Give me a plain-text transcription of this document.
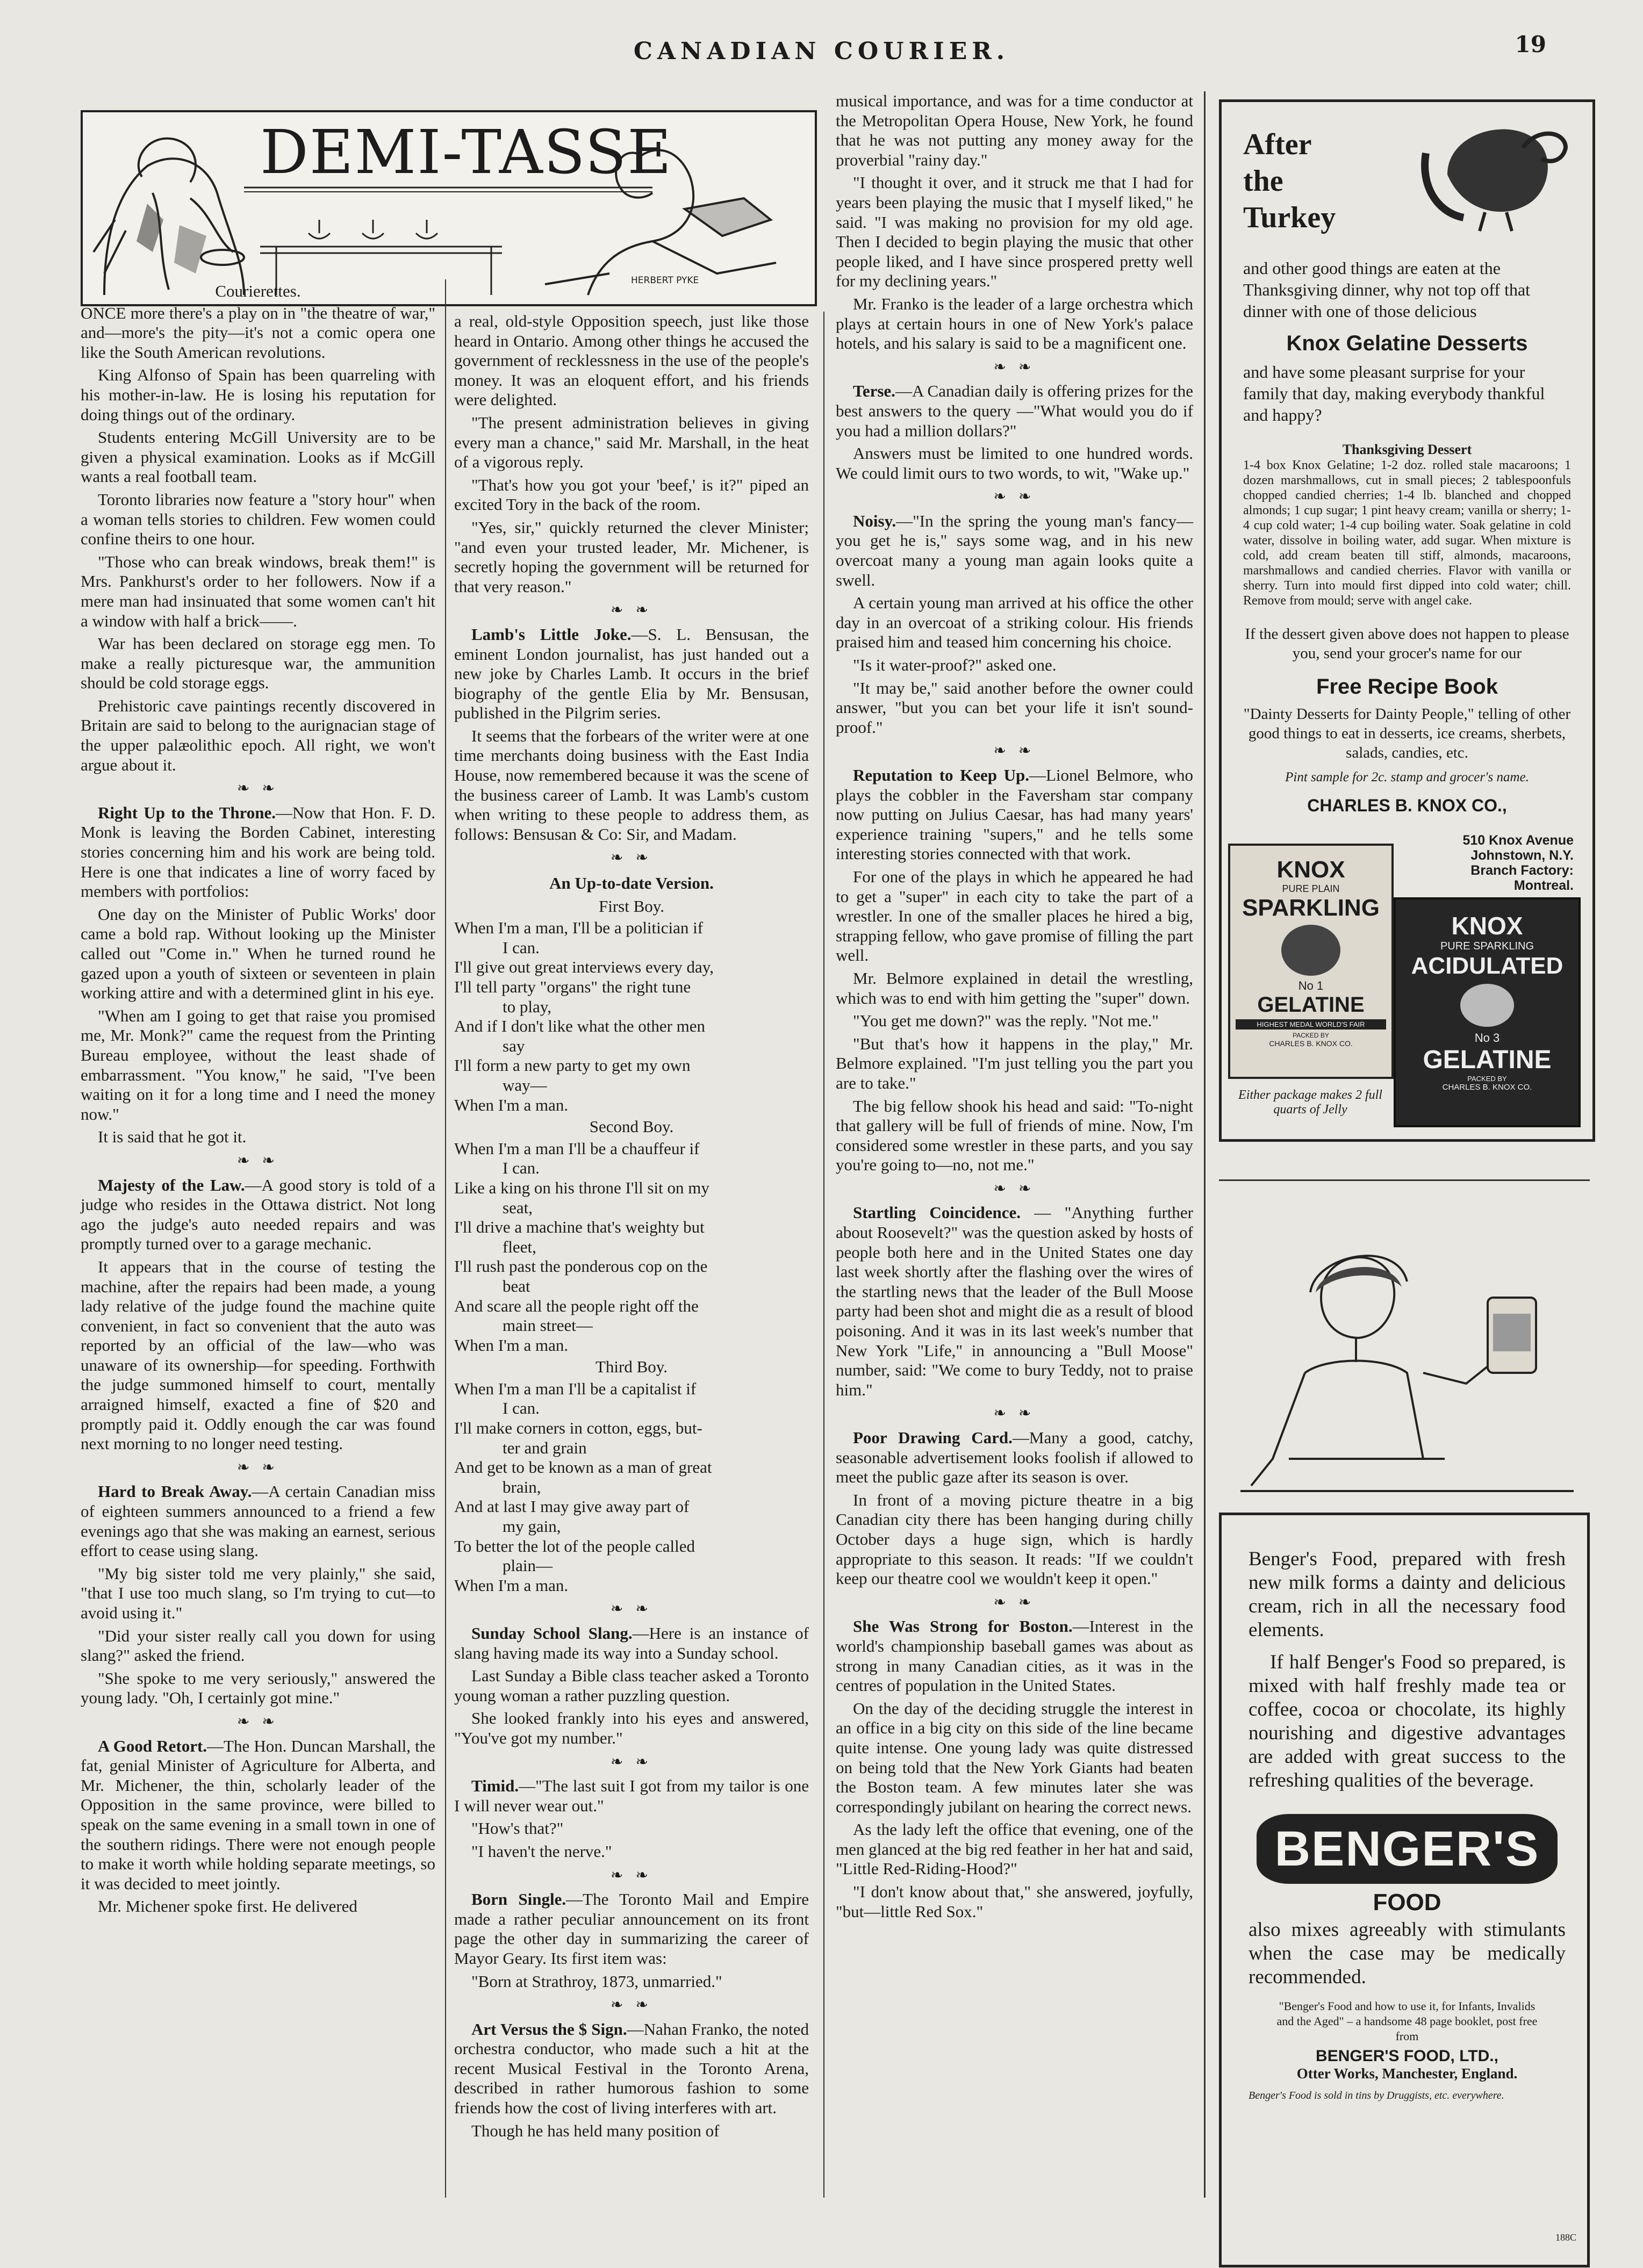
CANADIAN COURIER.	19
HERBERT PYKE
DEMI-TASSE

Courierettes.

ONCE more there's a play on in "the theatre of war," and—more's the pity—it's not a comic opera one like the South American revolutions.

King Alfonso of Spain has been quarreling with his mother-in-law. He is losing his reputation for doing things out of the ordinary.

Students entering McGill University are to be given a physical examination. Looks as if McGill wants a real football team.

Toronto libraries now feature a "story hour" when a woman tells stories to children. Few women could confine theirs to one hour.

"Those who can break windows, break them!" is Mrs. Pankhurst's order to her followers. Now if a mere man had insinuated that some women can't hit a window with half a brick——.

War has been declared on storage egg men. To make a really picturesque war, the ammunition should be cold storage eggs.

Prehistoric cave paintings recently discovered in Britain are said to belong to the aurignacian stage of the upper palæolithic epoch. All right, we won't argue about it.

❧ ❧

Right Up to the Throne.—Now that Hon. F. D. Monk is leaving the Borden Cabinet, interesting stories concerning him and his work are being told. Here is one that indicates a line of worry faced by members with portfolios:

One day on the Minister of Public Works' door came a bold rap. Without looking up the Minister called out "Come in." When he turned round he gazed upon a youth of sixteen or seventeen in plain working attire and with a determined glint in his eye.

"When am I going to get that raise you promised me, Mr. Monk?" came the request from the Printing Bureau employee, without the least shade of embarrassment. "You know," he said, "I've been waiting on it for a long time and I need the money now."

It is said that he got it.

❧ ❧

Majesty of the Law.—A good story is told of a judge who resides in the Ottawa district. Not long ago the judge's auto needed repairs and was promptly turned over to a garage mechanic.

It appears that in the course of testing the machine, after the repairs had been made, a young lady relative of the judge found the machine quite convenient, in fact so convenient that the auto was reported by an official of the law—who was unaware of its ownership—for speeding. Forthwith the judge summoned himself to court, mentally arraigned himself, exacted a fine of $20 and promptly paid it. Oddly enough the car was found next morning to no longer need testing.

❧ ❧

Hard to Break Away.—A certain Canadian miss of eighteen summers announced to a friend a few evenings ago that she was making an earnest, serious effort to cease using slang.

"My big sister told me very plainly," she said, "that I use too much slang, so I'm trying to cut—to avoid using it."

"Did your sister really call you down for using slang?" asked the friend.

"She spoke to me very seriously," answered the young lady. "Oh, I certainly got mine."

❧ ❧

A Good Retort.—The Hon. Duncan Marshall, the fat, genial Minister of Agriculture for Alberta, and Mr. Michener, the thin, scholarly leader of the Opposition in the same province, were billed to speak on the same evening in a small town in one of the southern ridings. There were not enough people to make it worth while holding separate meetings, so it was decided to meet jointly.

Mr. Michener spoke first. He delivered

a real, old-style Opposition speech, just like those heard in Ontario. Among other things he accused the government of recklessness in the use of the people's money. It was an eloquent effort, and his friends were delighted.

"The present administration believes in giving every man a chance," said Mr. Marshall, in the heat of a vigorous reply.

"That's how you got your 'beef,' is it?" piped an excited Tory in the back of the room.

"Yes, sir," quickly returned the clever Minister; "and even your trusted leader, Mr. Michener, is secretly hoping the government will be returned for that very reason."

❧ ❧

Lamb's Little Joke.—S. L. Bensusan, the eminent London journalist, has just handed out a new joke by Charles Lamb. It occurs in the brief biography of the gentle Elia by Mr. Bensusan, published in the Pilgrim series.

It seems that the forbears of the writer were at one time merchants doing business with the East India House, now remembered because it was the scene of the business career of Lamb. It was Lamb's custom when writing to these people to address them, as follows: Bensusan & Co: Sir, and Madam.

❧ ❧

An Up-to-date Version.

First Boy.

When I'm a man, I'll be a politician if

I can.

I'll give out great interviews every day,

I'll tell party "organs" the right tune

to play,

And if I don't like what the other men

say

I'll form a new party to get my own

way—

When I'm a man.

Second Boy.

When I'm a man I'll be a chauffeur if

I can.

Like a king on his throne I'll sit on my

seat,

I'll drive a machine that's weighty but

fleet,

I'll rush past the ponderous cop on the

beat

And scare all the people right off the

main street—

When I'm a man.

Third Boy.

When I'm a man I'll be a capitalist if

I can.

I'll make corners in cotton, eggs, but-

ter and grain

And get to be known as a man of great

brain,

And at last I may give away part of

my gain,

To better the lot of the people called

plain—

When I'm a man.

❧ ❧

Sunday School Slang.—Here is an instance of slang having made its way into a Sunday school.

Last Sunday a Bible class teacher asked a Toronto young woman a rather puzzling question.

She looked frankly into his eyes and answered, "You've got my number."

❧ ❧

Timid.—"The last suit I got from my tailor is one I will never wear out."

"How's that?"

"I haven't the nerve."

❧ ❧

Born Single.—The Toronto Mail and Empire made a rather peculiar announcement on its front page the other day in summarizing the career of Mayor Geary. Its first item was:

"Born at Strathroy, 1873, unmarried."

❧ ❧

Art Versus the $ Sign.—Nahan Franko, the noted orchestra conductor, who made such a hit at the recent Musical Festival in the Toronto Arena, described in rather humorous fashion to some friends how the cost of living interferes with art.

Though he has held many position of

musical importance, and was for a time conductor at the Metropolitan Opera House, New York, he found that he was not putting any money away for the proverbial "rainy day."

"I thought it over, and it struck me that I had for years been playing the music that I myself liked," he said. "I was making no provision for my old age. Then I decided to begin playing the music that other people liked, and I have since prospered pretty well for my declining years."

Mr. Franko is the leader of a large orchestra which plays at certain hours in one of New York's palace hotels, and his salary is said to be a magnificent one.

❧ ❧

Terse.—A Canadian daily is offering prizes for the best answers to the query —"What would you do if you had a million dollars?"

Answers must be limited to one hundred words. We could limit ours to two words, to wit, "Wake up."

❧ ❧

Noisy.—"In the spring the young man's fancy—you get he is," says some wag, and in his new overcoat many a young man again looks quite a swell.

A certain young man arrived at his office the other day in an overcoat of a striking colour. His friends praised him and teased him concerning his choice.

"Is it water-proof?" asked one.

"It may be," said another before the owner could answer, "but you can bet your life it isn't sound-proof."

❧ ❧

Reputation to Keep Up.—Lionel Belmore, who plays the cobbler in the Faversham star company now putting on Julius Caesar, has had many years' experience training "supers," and he tells some interesting stories connected with that work.

For one of the plays in which he appeared he had to get a "super" in each city to take the part of a wrestler. In one of the smaller places he hired a big, strapping fellow, who gave promise of filling the part well.

Mr. Belmore explained in detail the wrestling, which was to end with him getting the "super" down.

"You get me down?" was the reply. "Not me."

"But that's how it happens in the play," Mr. Belmore explained. "I'm just telling you the part you are to take."

The big fellow shook his head and said: "To-night that gallery will be full of friends of mine. Now, I'm considered some wrestler in these parts, and you say you're going to—no, not me."

❧ ❧

Startling Coincidence. — "Anything further about Roosevelt?" was the question asked by hosts of people both here and in the United States one day last week shortly after the flashing over the wires of the startling news that the leader of the Bull Moose party had been shot and might die as a result of blood poisoning. And it was in its last week's number that New York "Life," in announcing a "Bull Moose" number, said: "We come to bury Teddy, not to praise him."

❧ ❧

Poor Drawing Card.—Many a good, catchy, seasonable advertisement looks foolish if allowed to meet the public gaze after its season is over.

In front of a moving picture theatre in a big Canadian city there has been hanging during chilly October days a huge sign, which is hardly appropriate to this season. It reads: "If we couldn't keep our theatre cool we wouldn't keep it open."

❧ ❧

She Was Strong for Boston.—Interest in the world's championship baseball games was about as strong in many Canadian cities, as it was in the centres of population in the United States.

On the day of the deciding struggle the interest in an office in a big city on this side of the line became quite intense. One young lady was quite distressed on being told that the New York Giants had beaten the Boston team. A few minutes later she was correspondingly jubilant on hearing the correct news.

As the lady left the office that evening, one of the men glanced at the big red feather in her hat and said, "Little Red-Riding-Hood?"

"I don't know about that," she answered, joyfully, "but—little Red Sox."

After
the
Turkey
and other good things are eaten at the Thanksgiving dinner, why not top off that dinner with one of those delicious
Knox Gelatine Desserts
and have some pleasant surprise for your family that day, making everybody thankful and happy?
Thanksgiving Dessert
1-4 box Knox Gelatine; 1-2 doz. rolled stale macaroons; 1 dozen marshmallows, cut in small pieces; 2 tablespoonfuls chopped candied cherries; 1-4 lb. blanched and chopped almonds; 1 cup sugar; 1 pint heavy cream; vanilla or sherry; 1-4 cup cold water; 1-4 cup boiling water. Soak gelatine in cold water, dissolve in boiling water, add sugar. When mixture is cold, add cream beaten till stiff, almonds, macaroons, marshmallows and candied cherries. Flavor with vanilla or sherry. Turn into mould first dipped into cold water; chill. Remove from mould; serve with angel cake.
If the dessert given above does not happen to please you, send your grocer's name for our
Free Recipe Book
"Dainty Desserts for Dainty People," telling of other good things to eat in desserts, ice creams, sherbets, salads, candies, etc.
Pint sample for 2c. stamp and grocer's name.
CHARLES B. KNOX CO.,
510 Knox Avenue
Johnstown, N.Y.
Branch Factory:
Montreal.
KNOX
PURE PLAIN
SPARKLING
No 1
GELATINE
HIGHEST MEDAL WORLD'S FAIR
PACKED BY
CHARLES B. KNOX CO.
KNOX
PURE SPARKLING
ACIDULATED
No 3
GELATINE
PACKED BY
CHARLES B. KNOX CO.
Either package makes 2 full quarts of Jelly
Benger's Food, prepared with fresh new milk forms a dainty and delicious cream, rich in all the necessary food elements.
If half Benger's Food so prepared, is mixed with half freshly made tea or coffee, cocoa or chocolate, its highly nourishing and digestive advantages are added with great success to the refreshing qualities of the beverage.
BENGER'S
FOOD
also mixes agreeably with stimulants when the case may be medically recommended.
"Benger's Food and how to use it, for Infants, Invalids and the Aged" – a handsome 48 page booklet, post free from
BENGER'S FOOD, LTD.,
Otter Works, Manchester, England.
Benger's Food is sold in tins by Druggists, etc. everywhere.
188C
